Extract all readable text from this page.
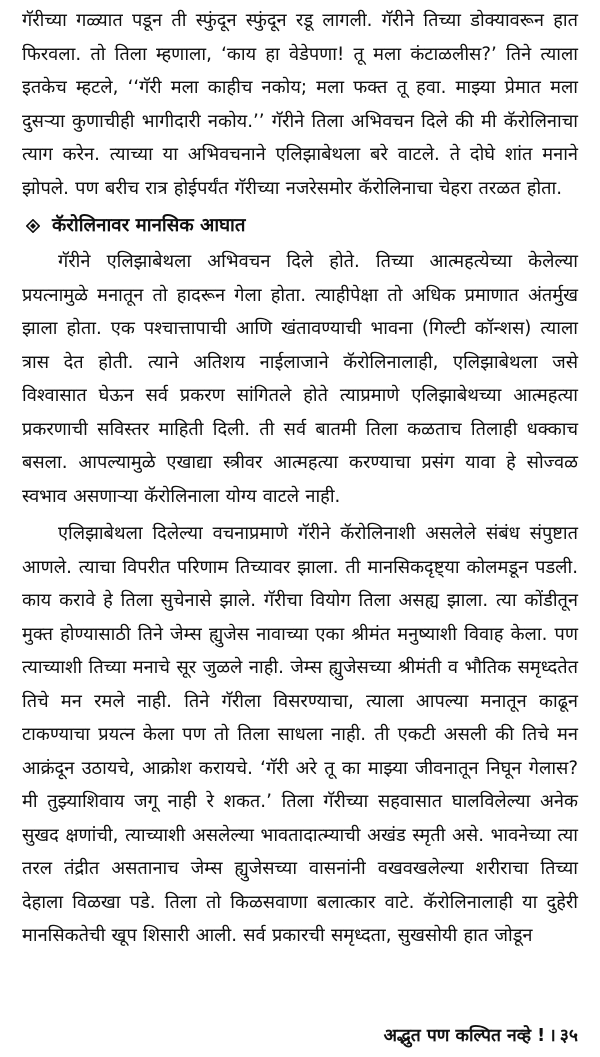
गॅरीच्या गळ्यात पडून ती स्फुंदून स्फुंदून रडू लागली. गॅरीने तिच्या डोक्यावरून हात फिरवला. तो तिला म्हणाला, ‘काय हा वेडेपणा! तू मला कंटाळलीस?’ तिने त्याला इतकेच म्हटले, ‘‘गॅरी मला काहीच नकोय; मला फक्त तू हवा. माझ्या प्रेमात मला दुसऱ्या कुणाचीही भागीदारी नकोय.’’ गॅरीने तिला अभिवचन दिले की मी कॅरोलिनाचा त्याग करेन. त्याच्या या अभिवचनाने एलिझाबेथला बरे वाटले. ते दोघे शांत मनाने झोपले. पण बरीच रात्र होईपर्यंत गॅरीच्या नजरेसमोर कॅरोलिनाचा चेहरा तरळत होता.

कॅरोलिनावर मानसिक आघात

गॅरीने एलिझाबेथला अभिवचन दिले होते. तिच्या आत्महत्येच्या केलेल्या प्रयत्नामुळे मनातून तो हादरून गेला होता. त्याहीपेक्षा तो अधिक प्रमाणात अंतर्मुख झाला होता. एक पश्चात्तापाची आणि खंतावण्याची भावना (गिल्टी कॉन्शस) त्याला त्रास देत होती. त्याने अतिशय नाईलाजाने कॅरोलिनालाही, एलिझाबेथला जसे विश्वासात घेऊन सर्व प्रकरण सांगितले होते त्याप्रमाणे एलिझाबेथच्या आत्महत्या प्रकरणाची सविस्तर माहिती दिली. ती सर्व बातमी तिला कळताच तिलाही धक्काच बसला. आपल्यामुळे एखाद्या स्त्रीवर आत्महत्या करण्याचा प्रसंग यावा हे सोज्वळ स्वभाव असणाऱ्या कॅरोलिनाला योग्य वाटले नाही.

एलिझाबेथला दिलेल्या वचनाप्रमाणे गॅरीने कॅरोलिनाशी असलेले संबंध संपुष्टात आणले. त्याचा विपरीत परिणाम तिच्यावर झाला. ती मानसिकदृष्ट्या कोलमडून पडली. काय करावे हे तिला सुचेनासे झाले. गॅरीचा वियोग तिला असह्य झाला. त्या कोंडीतून मुक्त होण्यासाठी तिने जेम्स ह्युजेस नावाच्या एका श्रीमंत मनुष्याशी विवाह केला. पण त्याच्याशी तिच्या मनाचे सूर जुळले नाही. जेम्स ह्युजेसच्या श्रीमंती व भौतिक समृध्दतेत तिचे मन रमले नाही. तिने गॅरीला विसरण्याचा, त्याला आपल्या मनातून काढून टाकण्याचा प्रयत्न केला पण तो तिला साधला नाही. ती एकटी असली की तिचे मन आक्रंदून उठायचे, आक्रोश करायचे. ‘गॅरी अरे तू का माझ्या जीवनातून निघून गेलास? मी तुझ्याशिवाय जगू नाही रे शकत.’ तिला गॅरीच्या सहवासात घालविलेल्या अनेक सुखद क्षणांची, त्याच्याशी असलेल्या भावतादात्म्याची अखंड स्मृती असे. भावनेच्या त्या तरल तंद्रीत असतानाच जेम्स ह्युजेसच्या वासनांनी वखवखलेल्या शरीराचा तिच्या देहाला विळखा पडे. तिला तो किळसवाणा बलात्कार वाटे. कॅरोलिनालाही या दुहेरी मानसिकतेची खूप शिसारी आली. सर्व प्रकारची समृध्दता, सुखसोयी हात जोडून

अद्भुत पण कल्पित नव्हे ! । ३५
